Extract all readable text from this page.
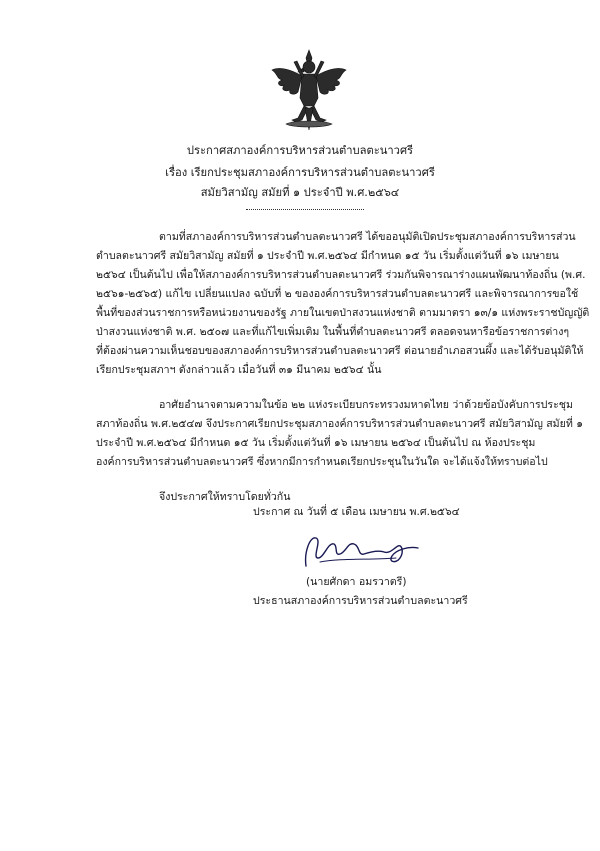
ประกาศสภาองค์การบริหารส่วนตำบลตะนาวศรี
เรื่อง เรียกประชุมสภาองค์การบริหารส่วนตำบลตะนาวศรี
สมัยวิสามัญ สมัยที่ ๑ ประจำปี พ.ศ.๒๕๖๔
ตามที่สภาองค์การบริหารส่วนตำบลตะนาวศรี ได้ขออนุมัติเปิดประชุมสภาองค์การบริหารส่วน
ตำบลตะนาวศรี สมัยวิสามัญ สมัยที่ ๑ ประจำปี พ.ศ.๒๕๖๔ มีกำหนด ๑๕ วัน เริ่มตั้งแต่วันที่ ๑๖ เมษายน
๒๕๖๔ เป็นต้นไป เพื่อให้สภาองค์การบริหารส่วนตำบลตะนาวศรี ร่วมกันพิจารณาร่างแผนพัฒนาท้องถิ่น (พ.ศ.
๒๕๖๑-๒๕๖๕) แก้ไข เปลี่ยนแปลง ฉบับที่ ๒ ขององค์การบริหารส่วนตำบลตะนาวศรี และพิจารณาการขอใช้
พื้นที่ของส่วนราชการหรือหน่วยงานของรัฐ ภายในเขตป่าสงวนแห่งชาติ ตามมาตรา ๑๓/๑ แห่งพระราชบัญญัติ
ป่าสงวนแห่งชาติ พ.ศ. ๒๕๐๗ และที่แก้ไขเพิ่มเติม ในพื้นที่ตำบลตะนาวศรี ตลอดจนหารือข้อราชการต่างๆ
ที่ต้องผ่านความเห็นชอบของสภาองค์การบริหารส่วนตำบลตะนาวศรี ต่อนายอำเภอสวนผึ้ง และได้รับอนุมัติให้
เรียกประชุมสภาฯ ดังกล่าวแล้ว เมื่อวันที่ ๓๑ มีนาคม ๒๕๖๔ นั้น
อาศัยอำนาจตามความในข้อ ๒๒ แห่งระเบียบกระทรวงมหาดไทย ว่าด้วยข้อบังคับการประชุม
สภาท้องถิ่น พ.ศ.๒๕๔๗ จึงประกาศเรียกประชุมสภาองค์การบริหารส่วนตำบลตะนาวศรี สมัยวิสามัญ สมัยที่ ๑
ประจำปี พ.ศ.๒๕๖๔ มีกำหนด ๑๕ วัน เริ่มตั้งแต่วันที่ ๑๖ เมษายน ๒๕๖๔ เป็นต้นไป ณ ห้องประชุม
องค์การบริหารส่วนตำบลตะนาวศรี ซึ่งหากมีการกำหนดเรียกประชุนในวันใด จะได้แจ้งให้ทราบต่อไป
จึงประกาศให้ทราบโดยทั่วกัน
ประกาศ ณ วันที่ ๕ เดือน เมษายน พ.ศ.๒๕๖๔
(นายศักดา อมรวาตรี)
ประธานสภาองค์การบริหารส่วนตำบลตะนาวศรี
